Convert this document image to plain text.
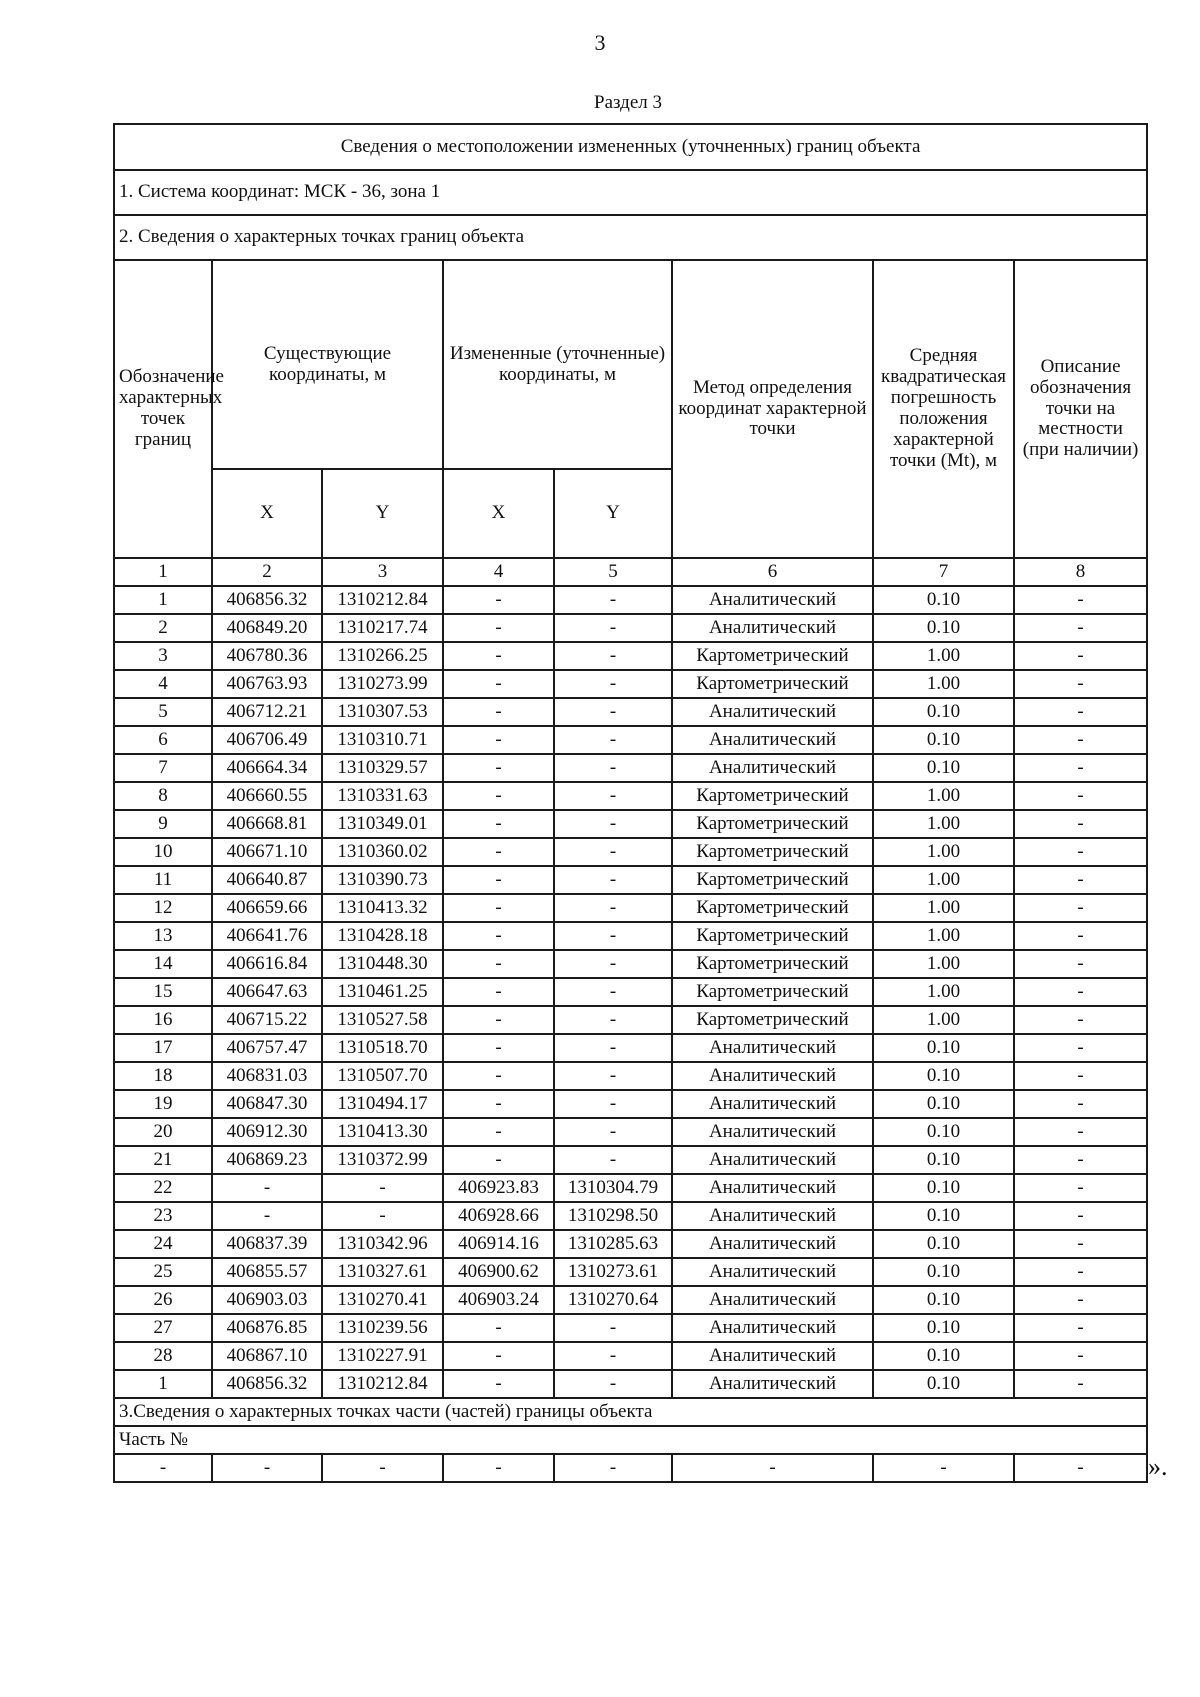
3
Раздел 3
Сведения о местоположении измененных (уточненных) границ объекта							
1. Система координат: МСК - 36, зона 1							
2. Сведения о характерных точках границ объекта							
Обозначение характерных точек границ	Существующие координаты, м		Измененные (уточненные) координаты, м		Метод определения координат характерной точки	Средняя квадратическая погрешность положения характерной точки (Mt), м	Описание обозначения точки на местности (при наличии)
	X	Y	X	Y			
1	2	3	4	5	6	7	8
1	406856.32	1310212.84	-	-	Аналитический	0.10	-
2	406849.20	1310217.74	-	-	Аналитический	0.10	-
3	406780.36	1310266.25	-	-	Картометрический	1.00	-
4	406763.93	1310273.99	-	-	Картометрический	1.00	-
5	406712.21	1310307.53	-	-	Аналитический	0.10	-
6	406706.49	1310310.71	-	-	Аналитический	0.10	-
7	406664.34	1310329.57	-	-	Аналитический	0.10	-
8	406660.55	1310331.63	-	-	Картометрический	1.00	-
9	406668.81	1310349.01	-	-	Картометрический	1.00	-
10	406671.10	1310360.02	-	-	Картометрический	1.00	-
11	406640.87	1310390.73	-	-	Картометрический	1.00	-
12	406659.66	1310413.32	-	-	Картометрический	1.00	-
13	406641.76	1310428.18	-	-	Картометрический	1.00	-
14	406616.84	1310448.30	-	-	Картометрический	1.00	-
15	406647.63	1310461.25	-	-	Картометрический	1.00	-
16	406715.22	1310527.58	-	-	Картометрический	1.00	-
17	406757.47	1310518.70	-	-	Аналитический	0.10	-
18	406831.03	1310507.70	-	-	Аналитический	0.10	-
19	406847.30	1310494.17	-	-	Аналитический	0.10	-
20	406912.30	1310413.30	-	-	Аналитический	0.10	-
21	406869.23	1310372.99	-	-	Аналитический	0.10	-
22	-	-	406923.83	1310304.79	Аналитический	0.10	-
23	-	-	406928.66	1310298.50	Аналитический	0.10	-
24	406837.39	1310342.96	406914.16	1310285.63	Аналитический	0.10	-
25	406855.57	1310327.61	406900.62	1310273.61	Аналитический	0.10	-
26	406903.03	1310270.41	406903.24	1310270.64	Аналитический	0.10	-
27	406876.85	1310239.56	-	-	Аналитический	0.10	-
28	406867.10	1310227.91	-	-	Аналитический	0.10	-
1	406856.32	1310212.84	-	-	Аналитический	0.10	-
3.Сведения о характерных точках части (частей) границы объекта							
Часть №							
-	-	-	-	-	-	-	- ».
